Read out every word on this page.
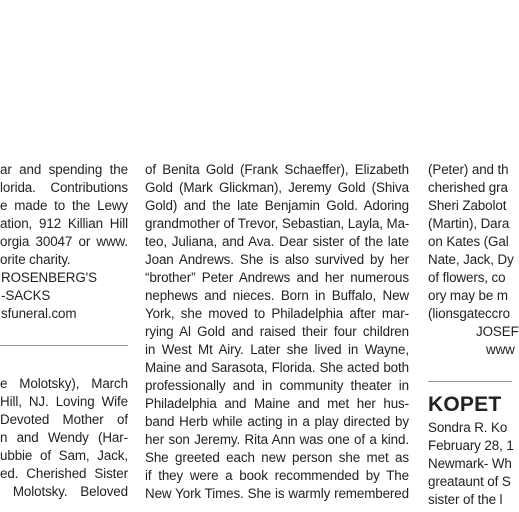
ar and spending the
lorida. Contributions
e made to the Lewy
ation, 912 Killian Hill
orgia 30047 or www.
orite charity.
ROSENBERG'S
-SACKS
sfuneral.com
e Molotsky), March
Hill, NJ. Loving Wife
Devoted Mother of
n and Wendy (Har-
ubbie of Sam, Jack,
ed. Cherished Sister
Molotsky. Beloved
of Benita Gold (Frank Schaeffer), Elizabeth
Gold (Mark Glickman), Jeremy Gold (Shiva
Gold) and the late Benjamin Gold. Adoring
grandmother of Trevor, Sebastian, Layla, Ma-
teo, Juliana, and Ava. Dear sister of the late
Joan Andrews. She is also survived by her
“brother” Peter Andrews and her numerous
nephews and nieces. Born in Buffalo, New
York, she moved to Philadelphia after mar-
rying Al Gold and raised their four children
in West Mt Airy. Later she lived in Wayne,
Maine and Sarasota, Florida. She acted both
professionally and in community theater in
Philadelphia and Maine and met her hus-
band Herb while acting in a play directed by
her son Jeremy. Rita Ann was one of a kind.
She greeted each new person she met as
if they were a book recommended by The
New York Times. She is warmly remembered
(Peter) and th
cherished gra
Sheri Zabolot
(Martin), Dara
on Kates (Gal
Nate, Jack, Dy
of flowers, co
ory may be m
(lionsgateccro
JOSEF
www
KOPET
Sondra R. Ko
February 28, 1
Newmark- Wh
greataunt of S
sister of the l
